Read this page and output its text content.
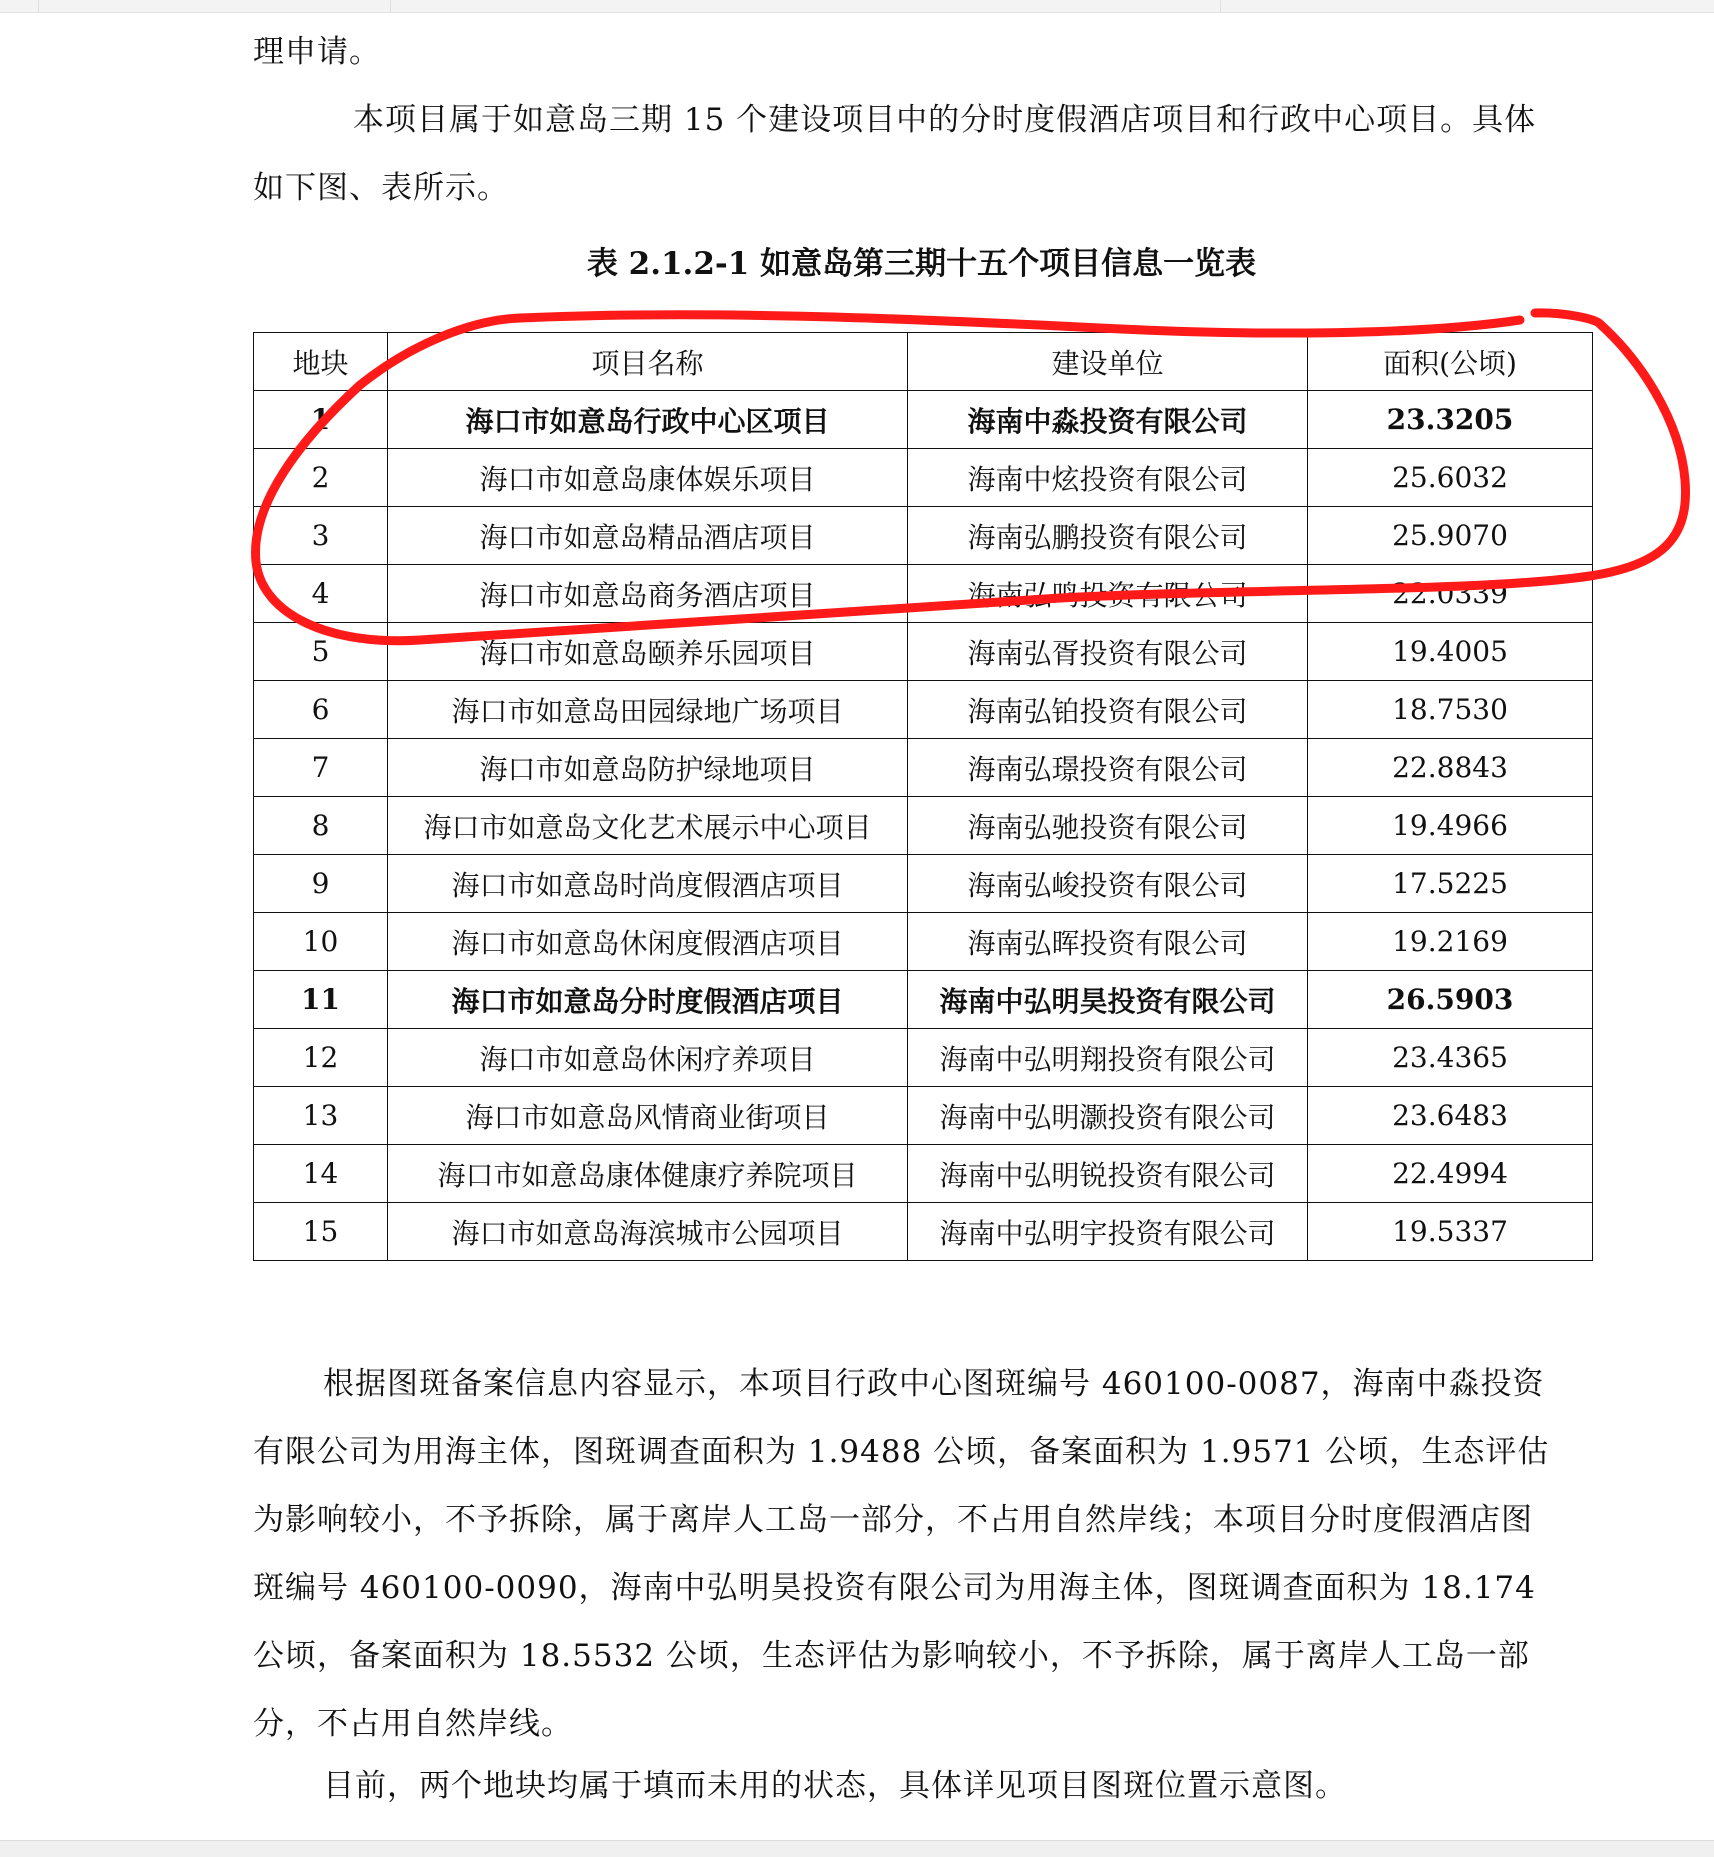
理申请。

本项目属于如意岛三期 15 个建设项目中的分时度假酒店项目和行政中心项目。具体如下图、表所示。

表 2.1.2-1 如意岛第三期十五个项目信息一览表
地块	项目名称	建设单位	面积(公顷)
1	海口市如意岛行政中心区项目	海南中淼投资有限公司	23.3205
2	海口市如意岛康体娱乐项目	海南中炫投资有限公司	25.6032
3	海口市如意岛精品酒店项目	海南弘鹏投资有限公司	25.9070
4	海口市如意岛商务酒店项目	海南弘鸣投资有限公司	22.0339
5	海口市如意岛颐养乐园项目	海南弘胥投资有限公司	19.4005
6	海口市如意岛田园绿地广场项目	海南弘铂投资有限公司	18.7530
7	海口市如意岛防护绿地项目	海南弘璟投资有限公司	22.8843
8	海口市如意岛文化艺术展示中心项目	海南弘驰投资有限公司	19.4966
9	海口市如意岛时尚度假酒店项目	海南弘峻投资有限公司	17.5225
10	海口市如意岛休闲度假酒店项目	海南弘晖投资有限公司	19.2169
11	海口市如意岛分时度假酒店项目	海南中弘明昊投资有限公司	26.5903
12	海口市如意岛休闲疗养项目	海南中弘明翔投资有限公司	23.4365
13	海口市如意岛风情商业街项目	海南中弘明灏投资有限公司	23.6483
14	海口市如意岛康体健康疗养院项目	海南中弘明锐投资有限公司	22.4994
15	海口市如意岛海滨城市公园项目	海南中弘明宇投资有限公司	19.5337

根据图斑备案信息内容显示，本项目行政中心图斑编号 460100-0087，海南中淼投资有限公司为用海主体，图斑调查面积为 1.9488 公顷，备案面积为 1.9571 公顷，生态评估为影响较小，不予拆除，属于离岸人工岛一部分，不占用自然岸线；本项目分时度假酒店图斑编号 460100-0090，海南中弘明昊投资有限公司为用海主体，图斑调查面积为 18.174 公顷，备案面积为 18.5532 公顷，生态评估为影响较小，不予拆除，属于离岸人工岛一部分，不占用自然岸线。

目前，两个地块均属于填而未用的状态，具体详见项目图斑位置示意图。
